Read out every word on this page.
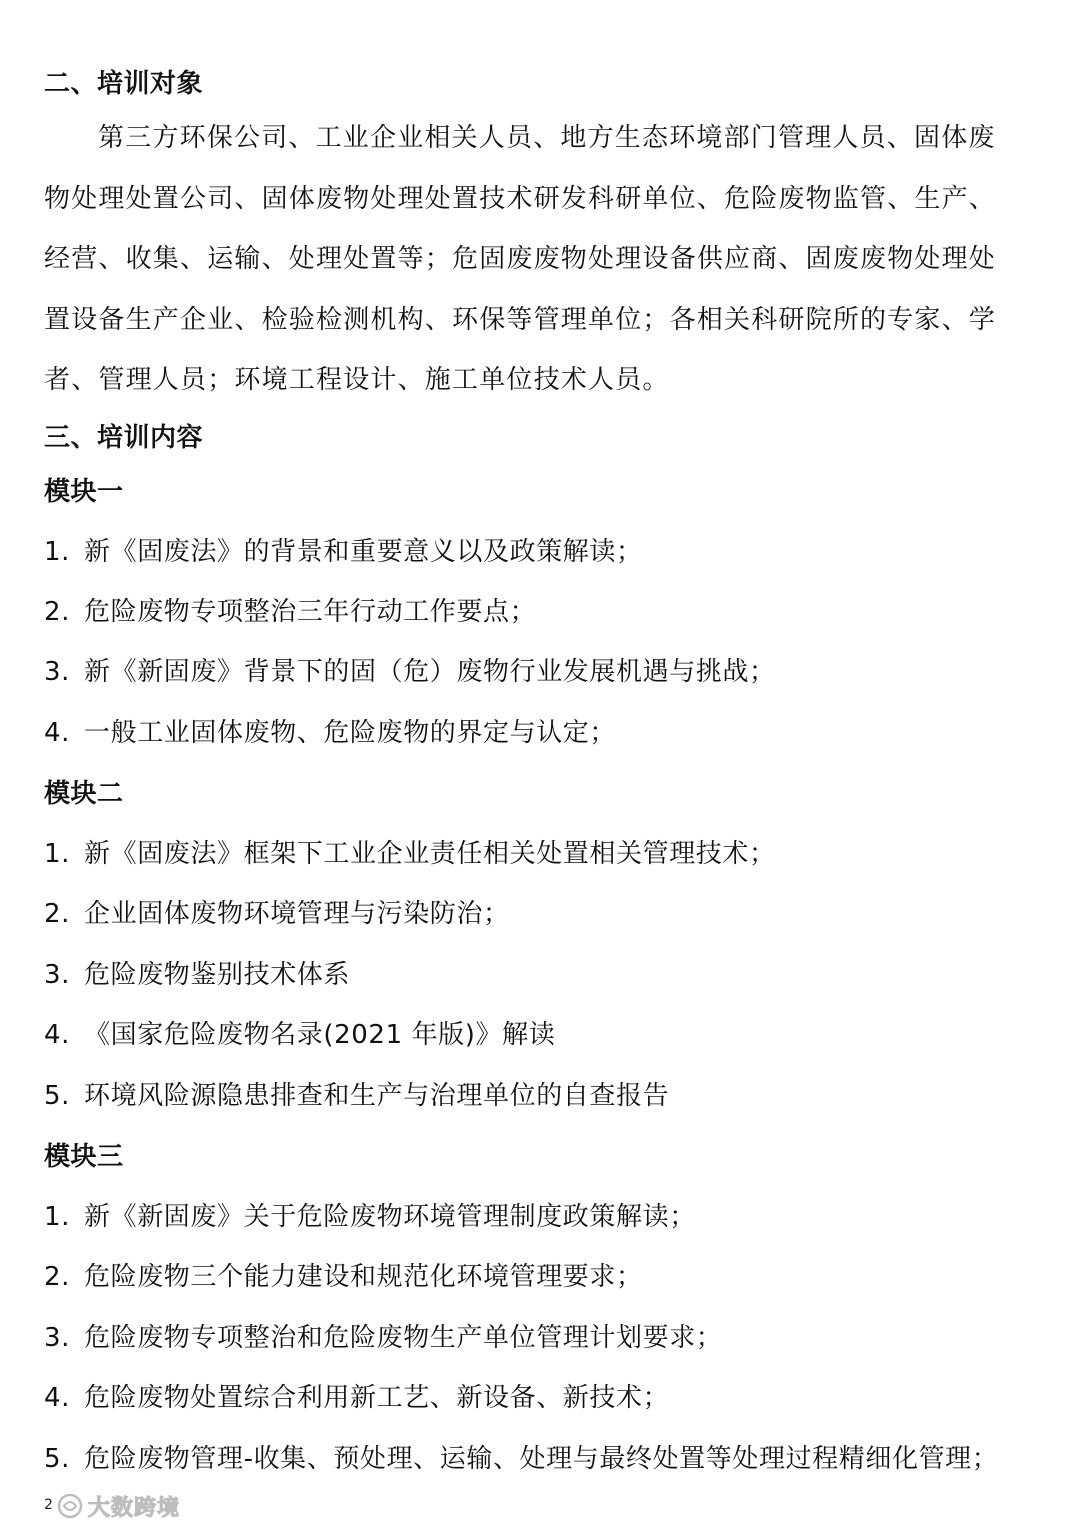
二、培训对象
第三方环保公司、工业企业相关人员、地方生态环境部门管理人员、固体废
物处理处置公司、固体废物处理处置技术研发科研单位、危险废物监管、生产、
经营、收集、运输、处理处置等；危固废废物处理设备供应商、固废废物处理处
置设备生产企业、检验检测机构、环保等管理单位；各相关科研院所的专家、学
者、管理人员；环境工程设计、施工单位技术人员。
三、培训内容
模块一
1. 新《固废法》的背景和重要意义以及政策解读；
2. 危险废物专项整治三年行动工作要点；
3. 新《新固废》背景下的固（危）废物行业发展机遇与挑战；
4. 一般工业固体废物、危险废物的界定与认定；
模块二
1. 新《固废法》框架下工业企业责任相关处置相关管理技术；
2. 企业固体废物环境管理与污染防治；
3. 危险废物鉴别技术体系
4. 《国家危险废物名录(2021 年版)》解读
5. 环境风险源隐患排查和生产与治理单位的自查报告
模块三
1. 新《新固废》关于危险废物环境管理制度政策解读；
2. 危险废物三个能力建设和规范化环境管理要求；
3. 危险废物专项整治和危险废物生产单位管理计划要求；
4. 危险废物处置综合利用新工艺、新设备、新技术；
5. 危险废物管理-收集、预处理、运输、处理与最终处置等处理过程精细化管理；
2 大数跨境
